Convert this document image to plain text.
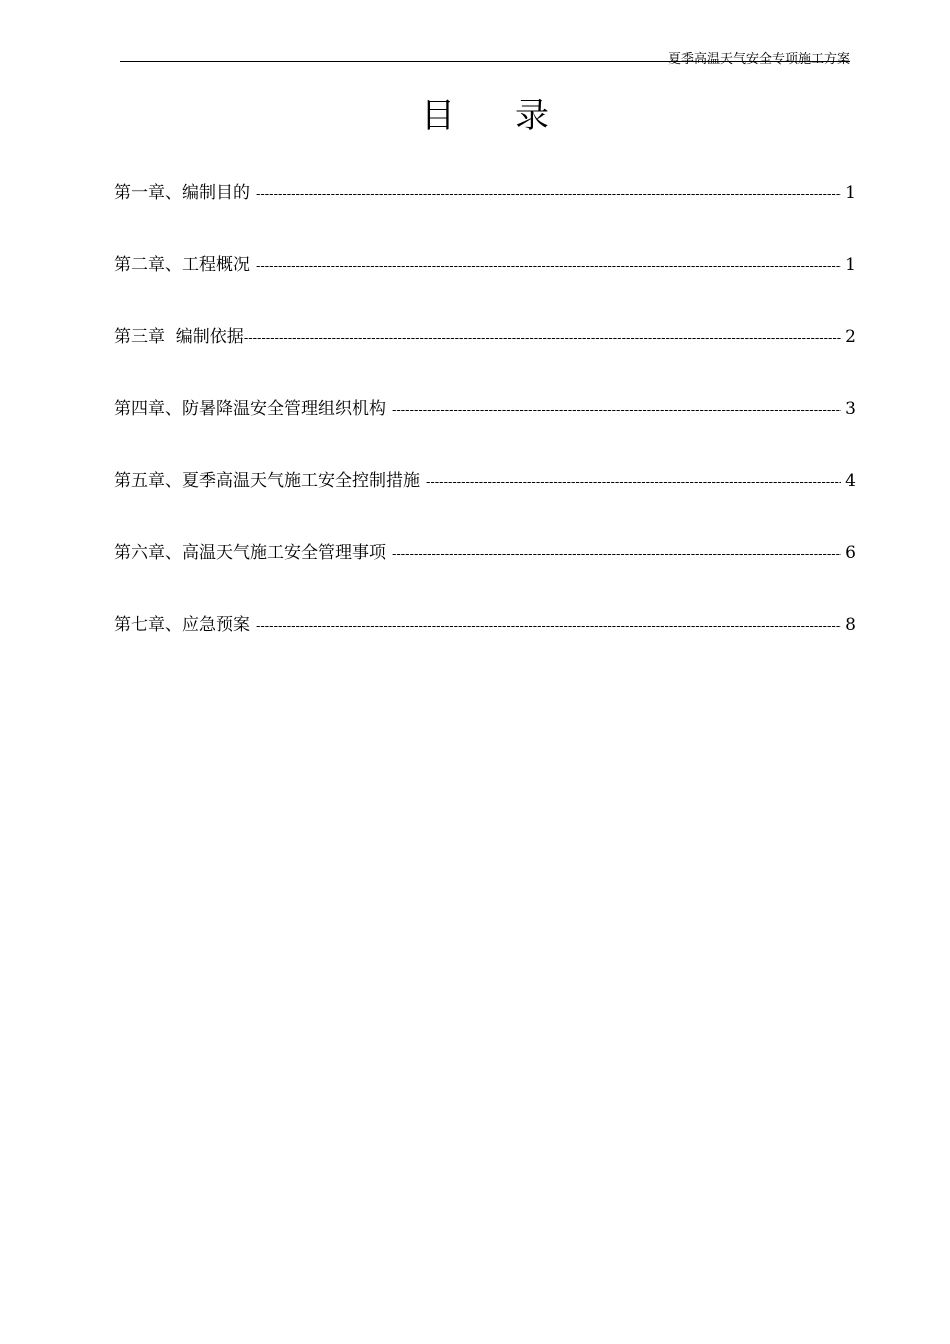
夏季高温天气安全专项施工方案
目 录
第一章、编制目的 -----	1
第二章、工程概况 -----	1
第三章  编制依据 -----	2
第四章、防暑降温安全管理组织机构 -----	3
第五章、夏季高温天气施工安全控制措施 -----	4
第六章、高温天气施工安全管理事项 -----	6
第七章、应急预案 -----	8
